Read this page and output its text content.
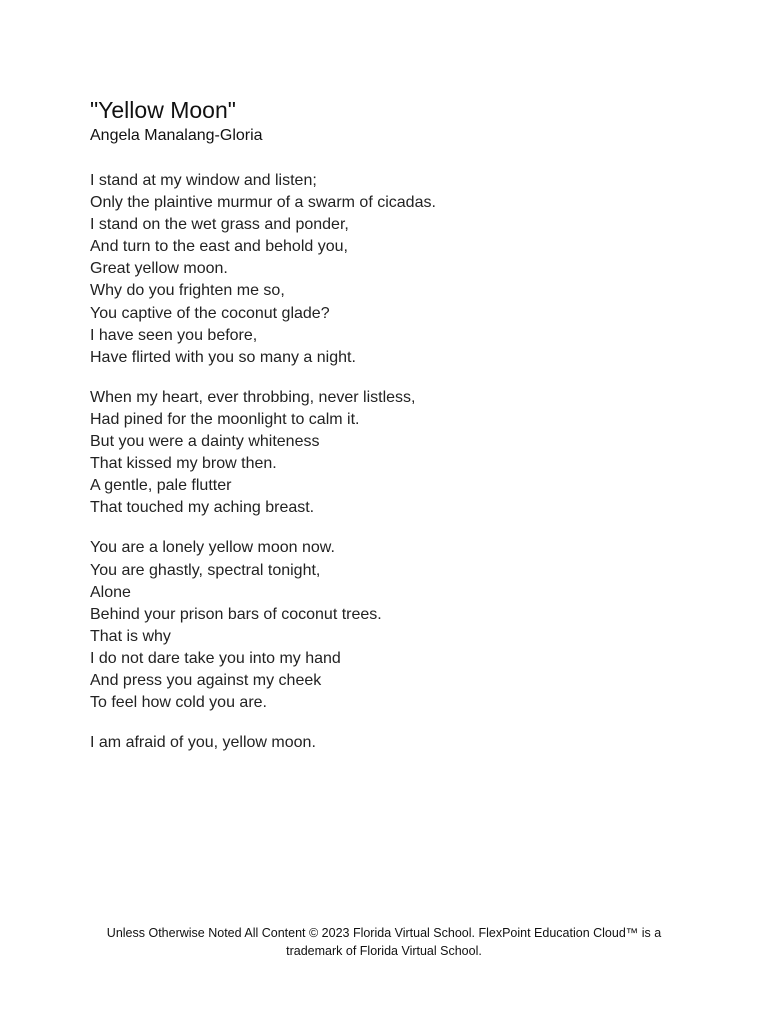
"Yellow Moon"
Angela Manalang-Gloria
I stand at my window and listen;
Only the plaintive murmur of a swarm of cicadas.
I stand on the wet grass and ponder,
And turn to the east and behold you,
Great yellow moon.
Why do you frighten me so,
You captive of the coconut glade?
I have seen you before,
Have flirted with you so many a night.
When my heart, ever throbbing, never listless,
Had pined for the moonlight to calm it.
But you were a dainty whiteness
That kissed my brow then.
A gentle, pale flutter
That touched my aching breast.
You are a lonely yellow moon now.
You are ghastly, spectral tonight,
Alone
Behind your prison bars of coconut trees.
That is why
I do not dare take you into my hand
And press you against my cheek
To feel how cold you are.
I am afraid of you, yellow moon.
Unless Otherwise Noted All Content © 2023 Florida Virtual School. FlexPoint Education Cloud™ is a
trademark of Florida Virtual School.
